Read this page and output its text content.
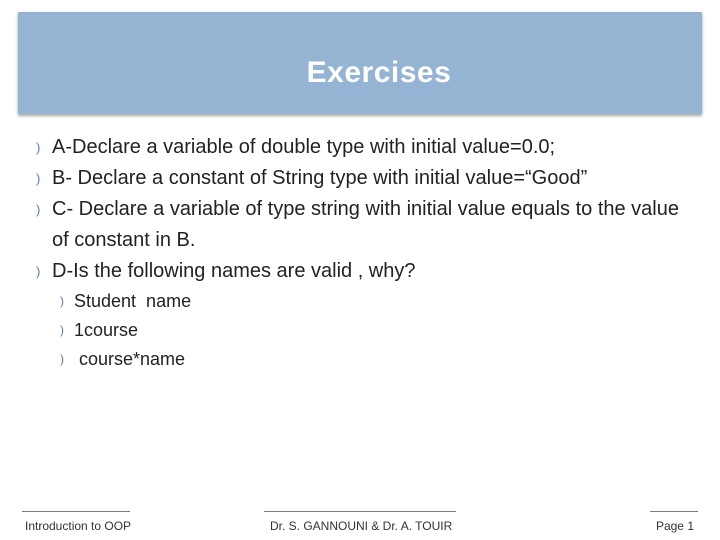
Exercises
) A-Declare a variable of double type with initial value=0.0;
) B- Declare a constant of String type with initial value=“Good”
) C- Declare a variable of type string with initial value equals to the value of constant in B.
) D-Is the following names are valid , why?
) Student  name
) 1course
) course*name
Introduction to OOP	Dr. S. GANNOUNI & Dr. A. TOUIR	Page 1
